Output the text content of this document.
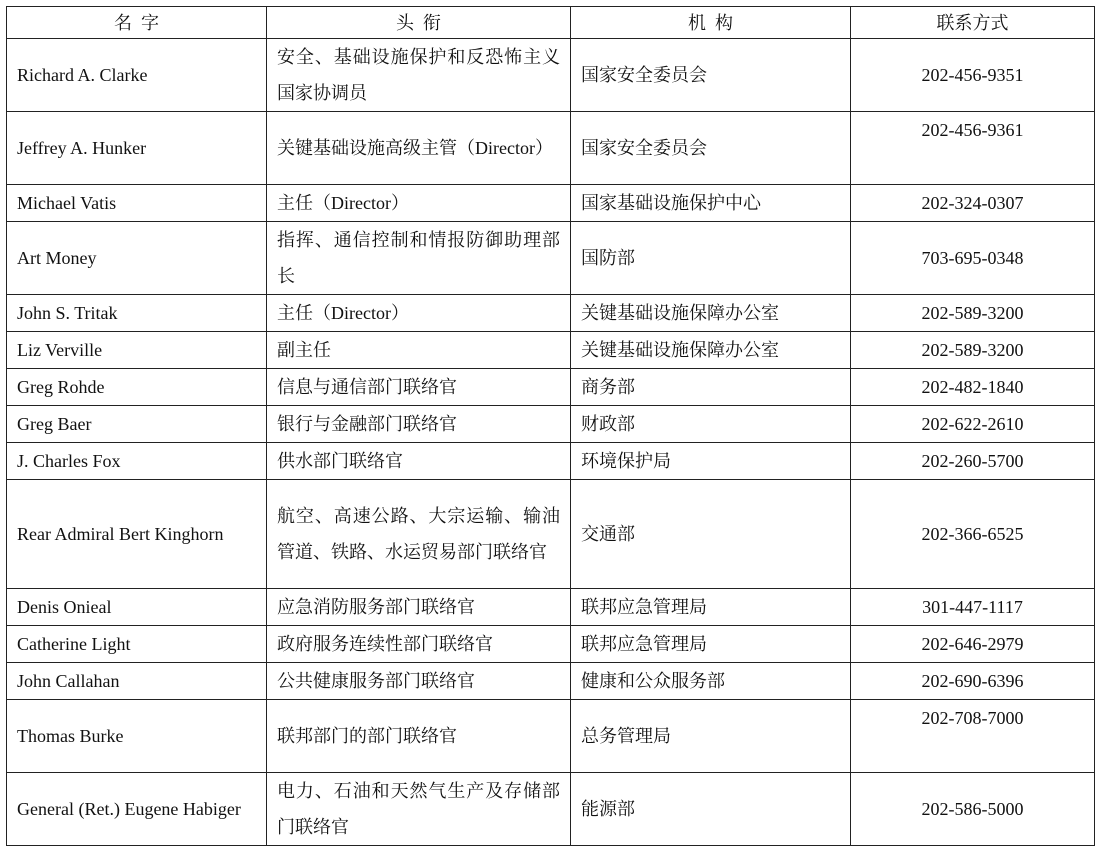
名  字	头  衔	机  构	联系方式
Richard A. Clarke	安全、基础设施保护和反恐怖主义国家协调员	国家安全委员会	202-456-9351
Jeffrey A. Hunker	关键基础设施高级主管（Director）	国家安全委员会	202-456-9361
Michael Vatis	主任（Director）	国家基础设施保护中心	202-324-0307
Art Money	指挥、通信控制和情报防御助理部长	国防部	703-695-0348
John S. Tritak	主任（Director）	关键基础设施保障办公室	202-589-3200
Liz Verville	副主任	关键基础设施保障办公室	202-589-3200
Greg Rohde	信息与通信部门联络官	商务部	202-482-1840
Greg Baer	银行与金融部门联络官	财政部	202-622-2610
J. Charles Fox	供水部门联络官	环境保护局	202-260-5700
Rear Admiral Bert Kinghorn	航空、高速公路、大宗运输、输油管道、铁路、水运贸易部门联络官	交通部	202-366-6525
Denis Onieal	应急消防服务部门联络官	联邦应急管理局	301-447-1117
Catherine Light	政府服务连续性部门联络官	联邦应急管理局	202-646-2979
John Callahan	公共健康服务部门联络官	健康和公众服务部	202-690-6396
Thomas Burke	联邦部门的部门联络官	总务管理局	202-708-7000
General (Ret.) Eugene Habiger	电力、石油和天然气生产及存储部门联络官	能源部	202-586-5000
